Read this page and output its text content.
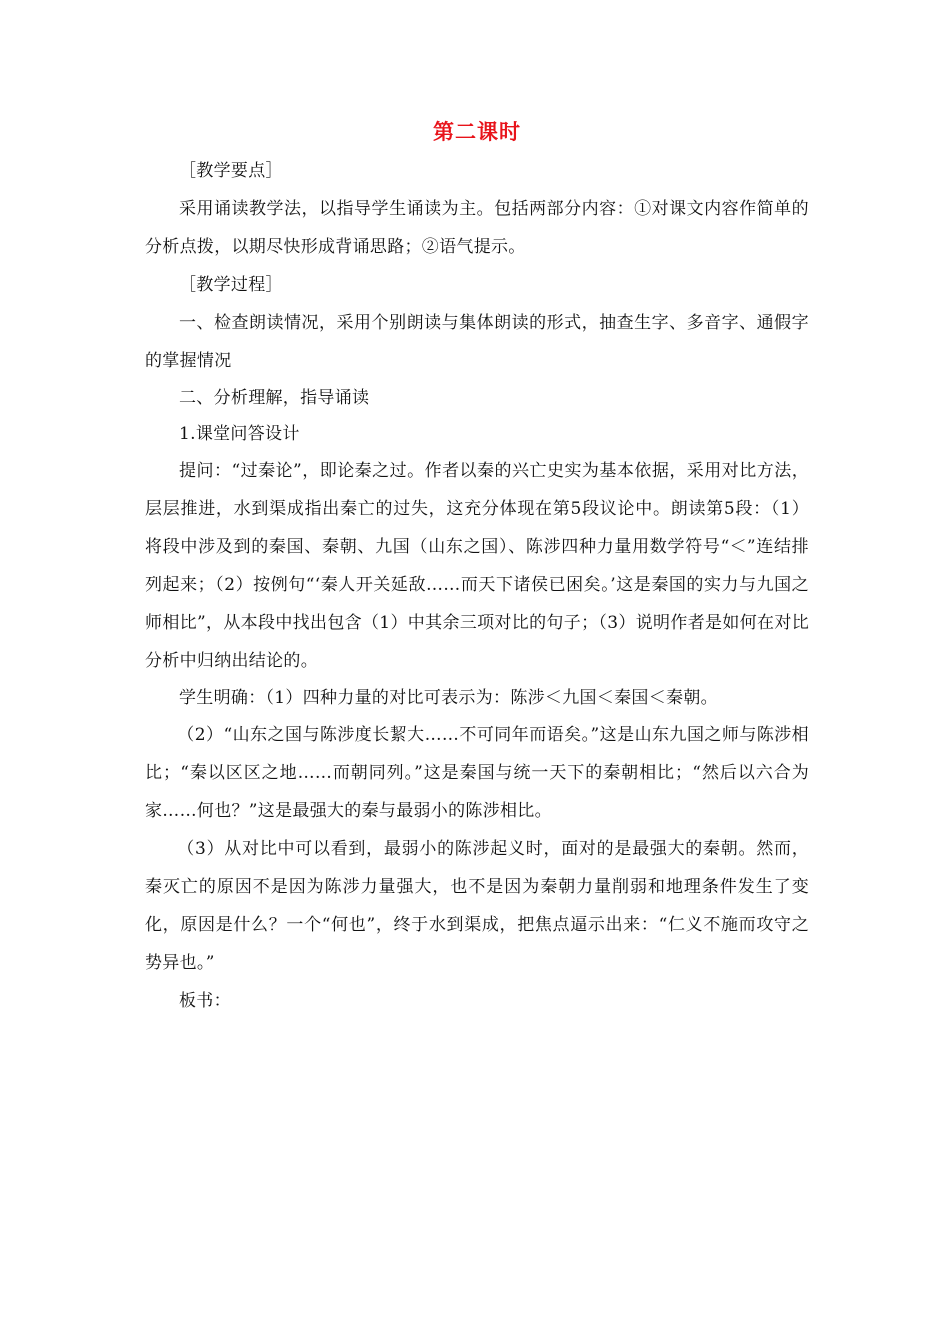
第二课时

［教学要点］

采用诵读教学法，以指导学生诵读为主。包括两部分内容：①对课文内容作简单的分析点拨，以期尽快形成背诵思路；②语气提示。

［教学过程］

一、检查朗读情况，采用个别朗读与集体朗读的形式，抽查生字、多音字、通假字的掌握情况

二、分析理解，指导诵读

1.课堂问答设计

提问：“过秦论”，即论秦之过。作者以秦的兴亡史实为基本依据，采用对比方法，层层推进，水到渠成指出秦亡的过失，这充分体现在第5段议论中。朗读第5段：（1）将段中涉及到的秦国、秦朝、九国（山东之国）、陈涉四种力量用数学符号“＜”连结排列起来；（2）按例句“‘秦人开关延敌……而天下诸侯已困矣。’这是秦国的实力与九国之师相比”，从本段中找出包含（1）中其余三项对比的句子；（3）说明作者是如何在对比分析中归纳出结论的。

学生明确：（1）四种力量的对比可表示为：陈涉＜九国＜秦国＜秦朝。

（2）“山东之国与陈涉度长絜大……不可同年而语矣。”这是山东九国之师与陈涉相比；“秦以区区之地……而朝同列。”这是秦国与统一天下的秦朝相比；“然后以六合为家……何也？”这是最强大的秦与最弱小的陈涉相比。

（3）从对比中可以看到，最弱小的陈涉起义时，面对的是最强大的秦朝。然而，秦灭亡的原因不是因为陈涉力量强大，也不是因为秦朝力量削弱和地理条件发生了变化，原因是什么？一个“何也”，终于水到渠成，把焦点逼示出来：“仁义不施而攻守之势异也。”

板书：
